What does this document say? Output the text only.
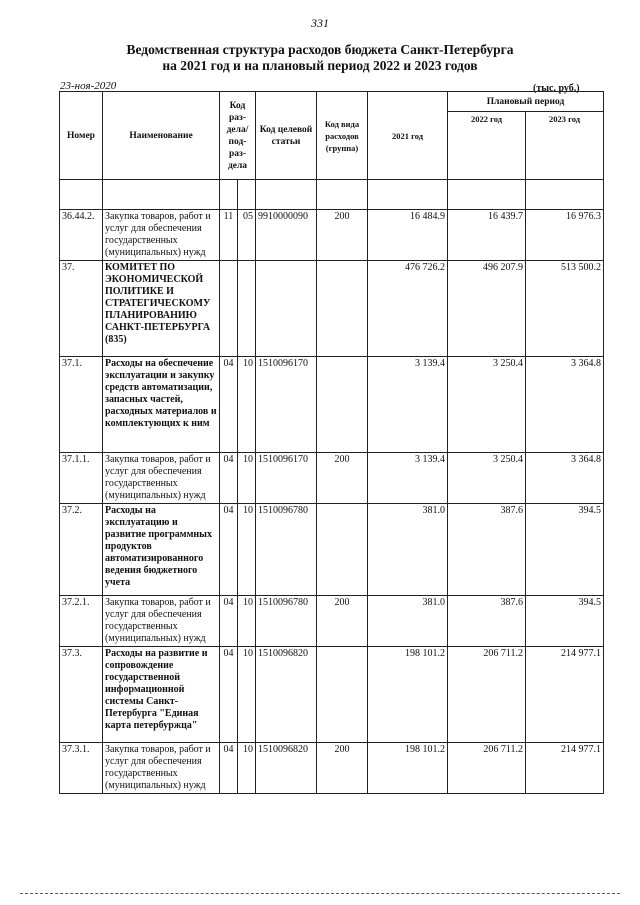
331
Ведомственная структура расходов бюджета Санкт-Петербурга
на 2021 год и на плановый период 2022 и 2023 годов
23-ноя-2020	(тыс. руб.)
Номер	Наименование	Код раз-дела/ под-раз-дела		Код целевой статьи	Код вида расходов (группа)	2021 год	Плановый период	
							2022 год	2023 год

36.44.2.	Закупка товаров, работ и услуг для обеспечения государственных (муниципальных) нужд	11	05	9910000090	200	16 484.9	16 439.7	16 976.3
37.	КОМИТЕТ ПО ЭКОНОМИЧЕСКОЙ ПОЛИТИКЕ И СТРАТЕГИЧЕСКОМУ ПЛАНИРОВАНИЮ САНКТ-ПЕТЕРБУРГА (835)					476 726.2	496 207.9	513 500.2
37.1.	Расходы на обеспечение эксплуатации и закупку средств автоматизации, запасных частей, расходных материалов и комплектующих к ним	04	10	1510096170		3 139.4	3 250.4	3 364.8
37.1.1.	Закупка товаров, работ и услуг для обеспечения государственных (муниципальных) нужд	04	10	1510096170	200	3 139.4	3 250.4	3 364.8
37.2.	Расходы на эксплуатацию и развитие программных продуктов автоматизированного ведения бюджетного учета	04	10	1510096780		381.0	387.6	394.5
37.2.1.	Закупка товаров, работ и услуг для обеспечения государственных (муниципальных) нужд	04	10	1510096780	200	381.0	387.6	394.5
37.3.	Расходы на развитие и сопровождение государственной информационной системы Санкт-Петербурга "Единая карта петербуржца"	04	10	1510096820		198 101.2	206 711.2	214 977.1
37.3.1.	Закупка товаров, работ и услуг для обеспечения государственных (муниципальных) нужд	04	10	1510096820	200	198 101.2	206 711.2	214 977.1
